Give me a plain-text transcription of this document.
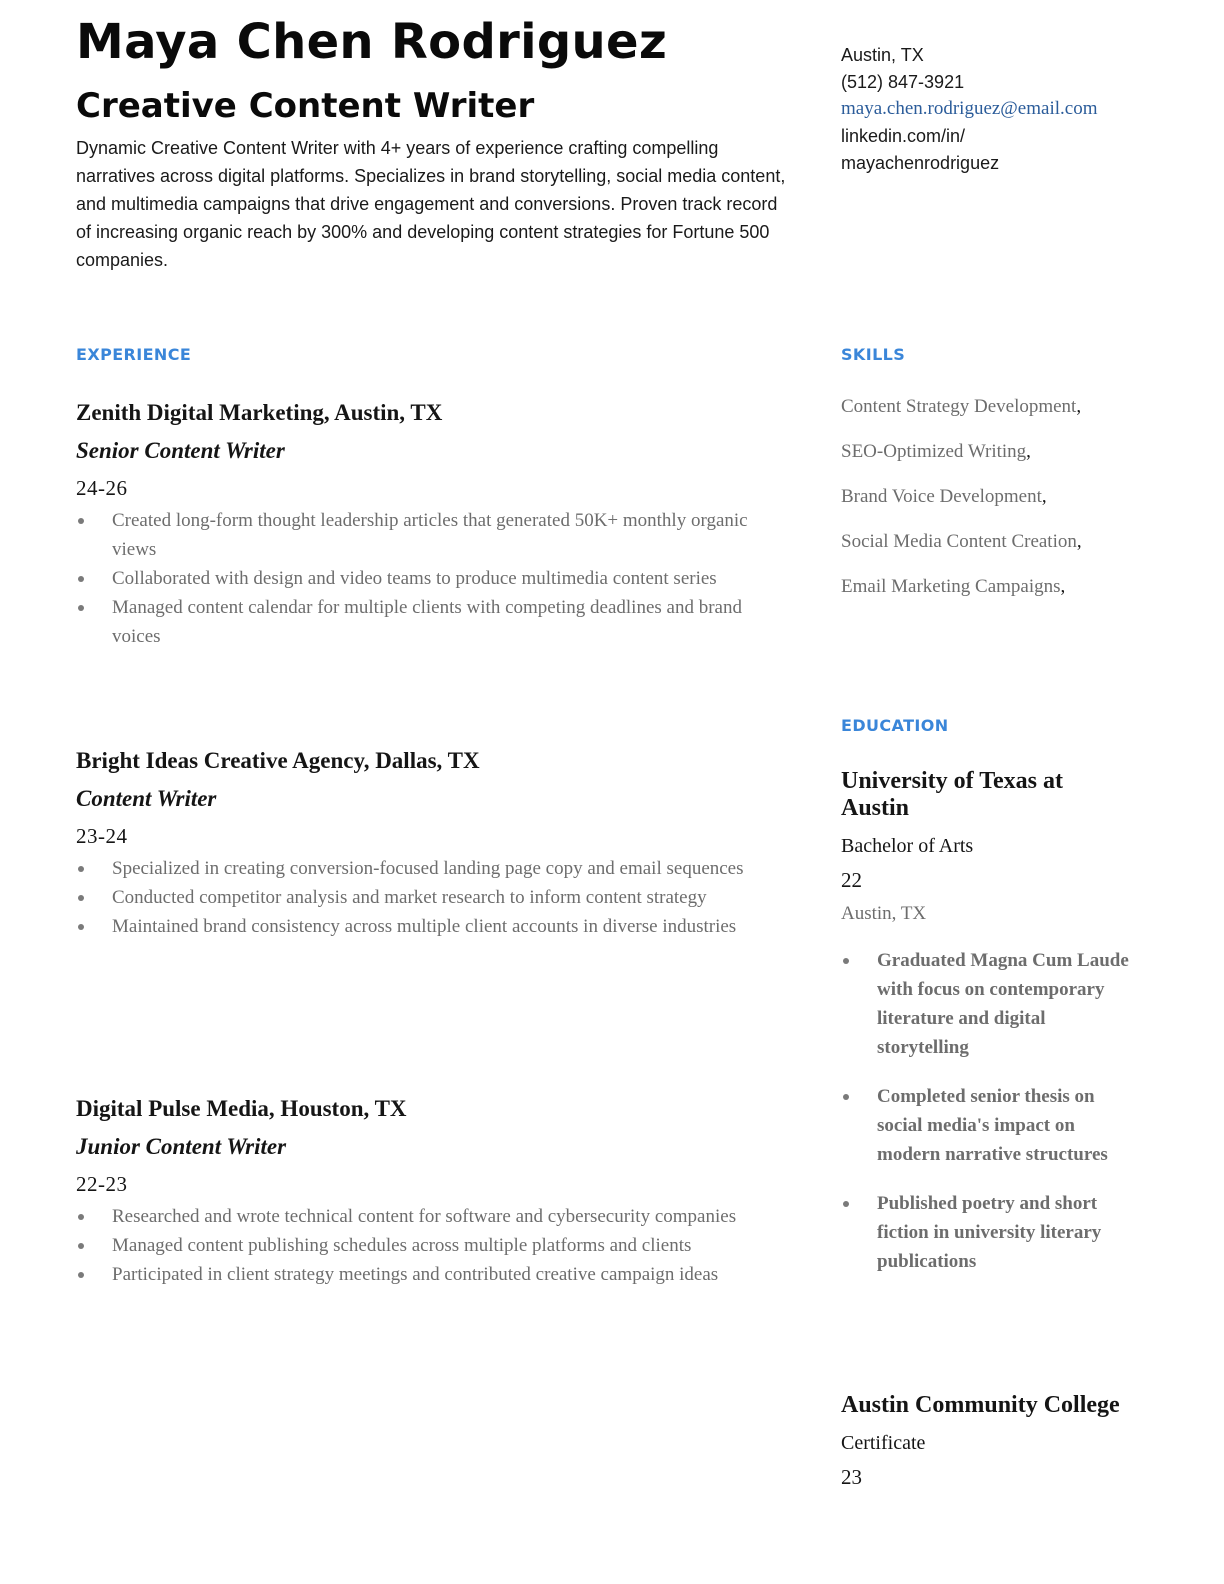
Maya Chen Rodriguez
Creative Content Writer

Dynamic Creative Content Writer with 4+ years of experience crafting compelling narratives across digital platforms. Specializes in brand storytelling, social media content, and multimedia campaigns that drive engagement and conversions. Proven track record of increasing organic reach by 300% and developing content strategies for Fortune 500 companies.

EXPERIENCE
Zenith Digital Marketing, Austin, TX
Senior Content Writer
24-26
Created long-form thought leadership articles that generated 50K+ monthly organic views
Collaborated with design and video teams to produce multimedia content series
Managed content calendar for multiple clients with competing deadlines and brand voices
Bright Ideas Creative Agency, Dallas, TX
Content Writer
23-24
Specialized in creating conversion-focused landing page copy and email sequences
Conducted competitor analysis and market research to inform content strategy
Maintained brand consistency across multiple client accounts in diverse industries
Digital Pulse Media, Houston, TX
Junior Content Writer
22-23
Researched and wrote technical content for software and cybersecurity companies
Managed content publishing schedules across multiple platforms and clients
Participated in client strategy meetings and contributed creative campaign ideas
Austin, TX
(512) 847-3921
maya.chen.rodriguez@email.com
linkedin.com/in/
mayachenrodriguez
SKILLS
Content Strategy Development,
SEO-Optimized Writing,
Brand Voice Development,
Social Media Content Creation,
Email Marketing Campaigns,
EDUCATION
University of Texas at Austin
Bachelor of Arts
22
Austin, TX
Graduated Magna Cum Laude with focus on contemporary literature and digital storytelling
Completed senior thesis on social media's impact on modern narrative structures
Published poetry and short fiction in university literary publications
Austin Community College
Certificate
23
